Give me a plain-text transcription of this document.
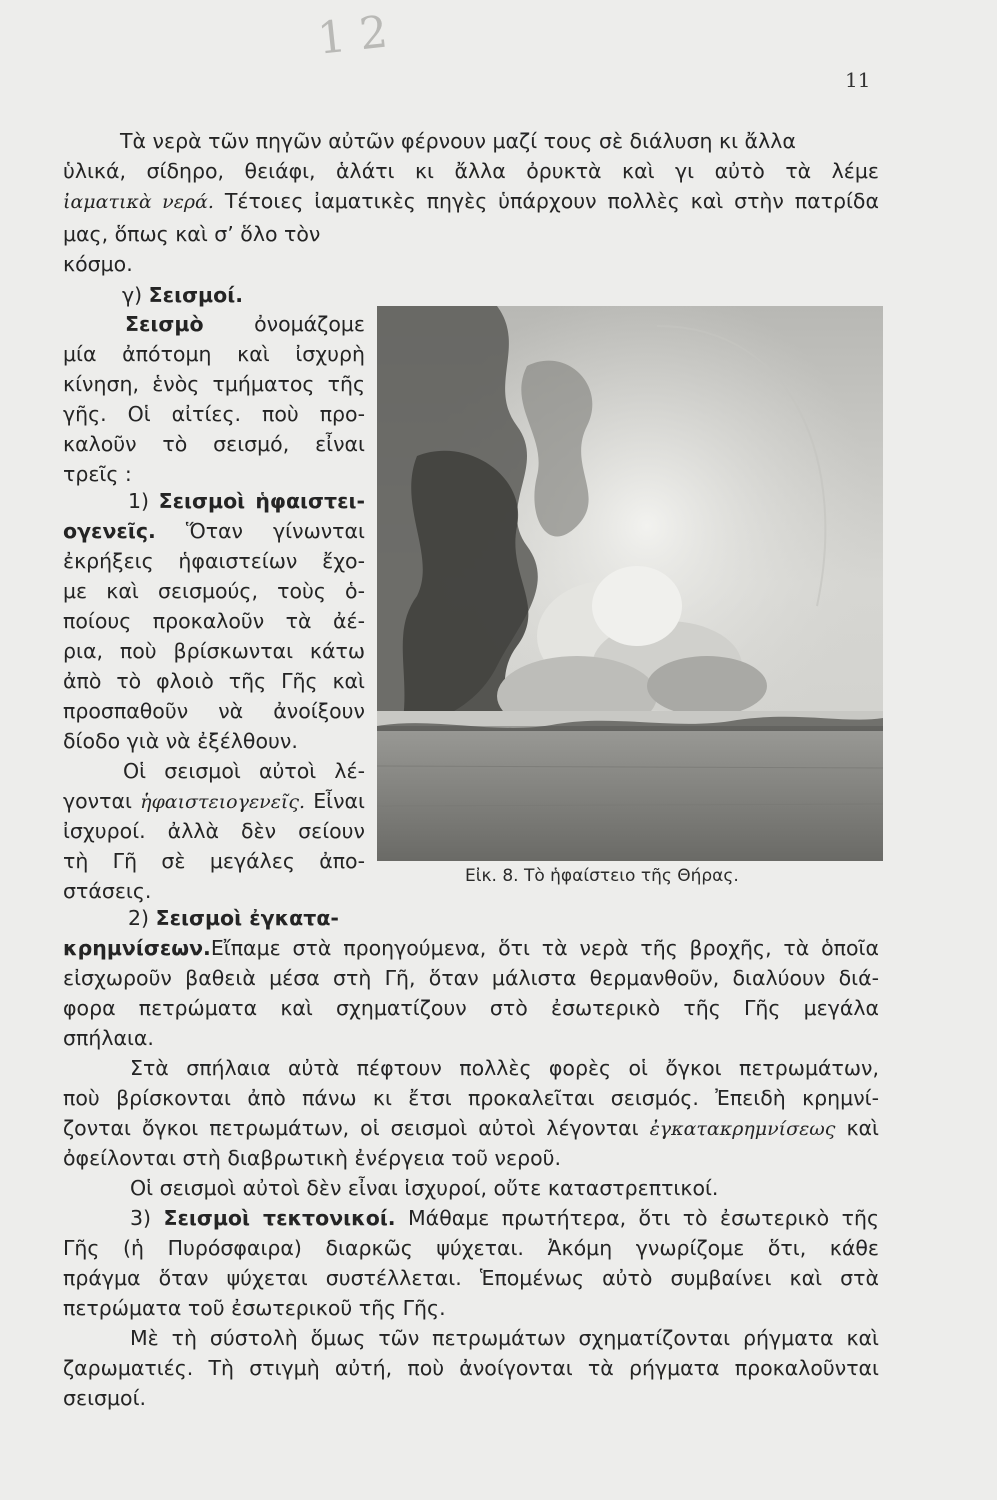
12
11
Τὰ νερὰ τῶν πηγῶν αὐτῶν φέρνουν μαζί τους σὲ διάλυση κι ἄλλα
ὑλικά, σίδηρο, θειάφι, ἁλάτι κι ἄλλα ὀρυκτὰ καὶ γι αὐτὸ τὰ λέμε
ἰαματικὰ νερά. Τέτοιες ἰαματικὲς πηγὲς ὑπάρχουν πολλὲς καὶ στὴν πατρίδα
μας, ὅπως καὶ σ’ ὅλο τὸν
κόσμο.
γ) Σεισμοί.
Σεισμὸ ὀνομάζομε
μία ἀπότομη καὶ ἰσχυρὴ
κίνηση, ἑνὸς τμήματος τῆς
γῆς. Οἱ αἰτίες. ποὺ προ-
καλοῦν τὸ σεισμό, εἶναι
τρεῖς :
1) Σεισμοὶ ἡφαιστει-
ογενεῖς. Ὅταν γίνωνται
ἐκρήξεις ἡφαιστείων ἔχο-
με καὶ σεισμούς, τοὺς ὁ-
ποίους προκαλοῦν τὰ ἀέ-
ρια, ποὺ βρίσκωνται κάτω
ἀπὸ τὸ φλοιὸ τῆς Γῆς καὶ
προσπαθοῦν νὰ ἀνοίξουν
δίοδο γιὰ νὰ ἐξέλθουν.
Οἱ σεισμοὶ αὐτοὶ λέ-
γονται ἡφαιστειογενεῖς. Εἶναι
ἰσχυροί. ἀλλὰ δὲν σείουν
τὴ Γῆ σὲ μεγάλες ἀπο-
στάσεις.
Εἰκ. 8. Τὸ ἡφαίστειο τῆς Θήρας.
2) Σεισμοὶ ἐγκατα-
κρημνίσεων.Εἴπαμε στὰ προηγούμενα, ὅτι τὰ νερὰ τῆς βροχῆς, τὰ ὁποῖα
εἰσχωροῦν βαθειὰ μέσα στὴ Γῆ, ὅταν μάλιστα θερμανθοῦν, διαλύουν διά-
φορα πετρώματα καὶ σχηματίζουν στὸ ἐσωτερικὸ τῆς Γῆς μεγάλα
σπήλαια.
Στὰ σπήλαια αὐτὰ πέφτουν πολλὲς φορὲς οἱ ὄγκοι πετρωμάτων,
ποὺ βρίσκονται ἀπὸ πάνω κι ἔτσι προκαλεῖται σεισμός. Ἐπειδὴ κρημνί-
ζονται ὄγκοι πετρωμάτων, οἱ σεισμοὶ αὐτοὶ λέγονται ἐγκατακρημνίσεως καὶ
ὀφείλονται στὴ διαβρωτικὴ ἐνέργεια τοῦ νεροῦ.
Οἱ σεισμοὶ αὐτοὶ δὲν εἶναι ἰσχυροί, οὔτε καταστρεπτικοί.
3) Σεισμοὶ τεκτονικοί. Μάθαμε πρωτήτερα, ὅτι τὸ ἐσωτερικὸ τῆς
Γῆς (ἡ Πυρόσφαιρα) διαρκῶς ψύχεται. Ἀκόμη γνωρίζομε ὅτι, κάθε
πράγμα ὅταν ψύχεται συστέλλεται. Ἑπομένως αὐτὸ συμβαίνει καὶ στὰ
πετρώματα τοῦ ἐσωτερικοῦ τῆς Γῆς.
Μὲ τὴ σύστολὴ ὅμως τῶν πετρωμάτων σχηματίζονται ρήγματα καὶ
ζαρωματιές. Τὴ στιγμὴ αὐτή, ποὺ ἀνοίγονται τὰ ρήγματα προκαλοῦνται
σεισμοί.
